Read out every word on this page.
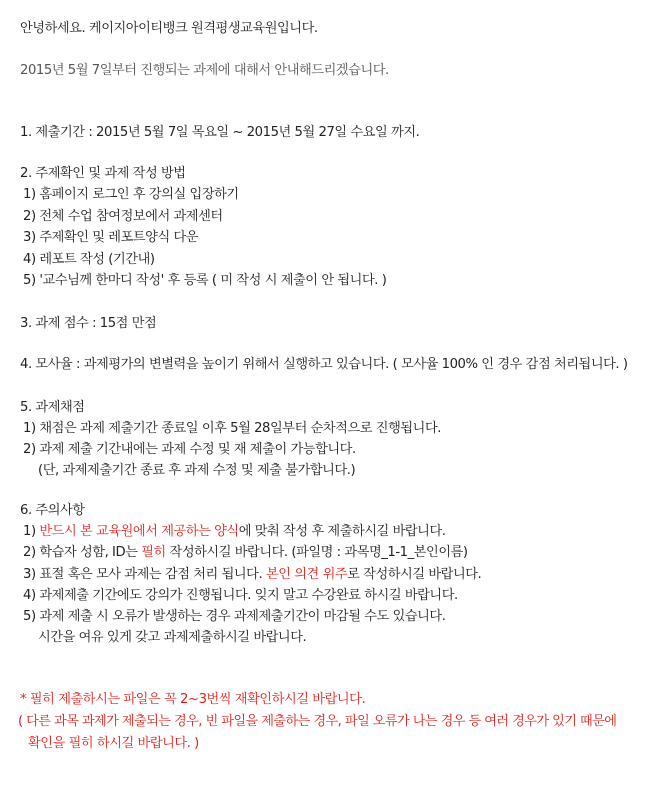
안녕하세요. 케이지아이티뱅크 원격평생교육원입니다.
2015년 5월 7일부터 진행되는 과제에 대해서 안내해드리겠습니다.
1. 제출기간 : 2015년 5월 7일 목요일 ~ 2015년 5월 27일 수요일 까지.
2. 주제확인 및 과제 작성 방법
1) 홈페이지 로그인 후 강의실 입장하기
2) 전체 수업 참여정보에서 과제센터
3) 주제확인 및 레포트양식 다운
4) 레포트 작성 (기간내)
5) '교수님께 한마디 작성' 후 등록 ( 미 작성 시 제출이 안 됩니다. )
3. 과제 점수 : 15점 만점
4. 모사율 : 과제평가의 변별력을 높이기 위해서 실행하고 있습니다. ( 모사율 100% 인 경우 감점 처리됩니다. )
5. 과제채점
1) 채점은 과제 제출기간 종료일 이후 5월 28일부터 순차적으로 진행됩니다.
2) 과제 제출 기간내에는 과제 수정 및 재 제출이 가능합니다.
(단, 과제제출기간 종료 후 과제 수정 및 제출 불가합니다.)
6. 주의사항
1) 반드시 본 교육원에서 제공하는 양식에 맞춰 작성 후 제출하시길 바랍니다.
2) 학습자 성함, ID는 필히 작성하시길 바랍니다. (파일명 : 과목명_1-1_본인이름)
3) 표절 혹은 모사 과제는 감점 처리 됩니다. 본인 의견 위주로 작성하시길 바랍니다.
4) 과제제출 기간에도 강의가 진행됩니다. 잊지 말고 수강완료 하시길 바랍니다.
5) 과제 제출 시 오류가 발생하는 경우 과제제출기간이 마감될 수도 있습니다.
시간을 여유 있게 갖고 과제제출하시길 바랍니다.
* 필히 제출하시는 파일은 꼭 2~3번씩 재확인하시길 바랍니다.
( 다른 과목 과제가 제출되는 경우, 빈 파일을 제출하는 경우, 파일 오류가 나는 경우 등 여러 경우가 있기 때문에
확인을 필히 하시길 바랍니다. )
